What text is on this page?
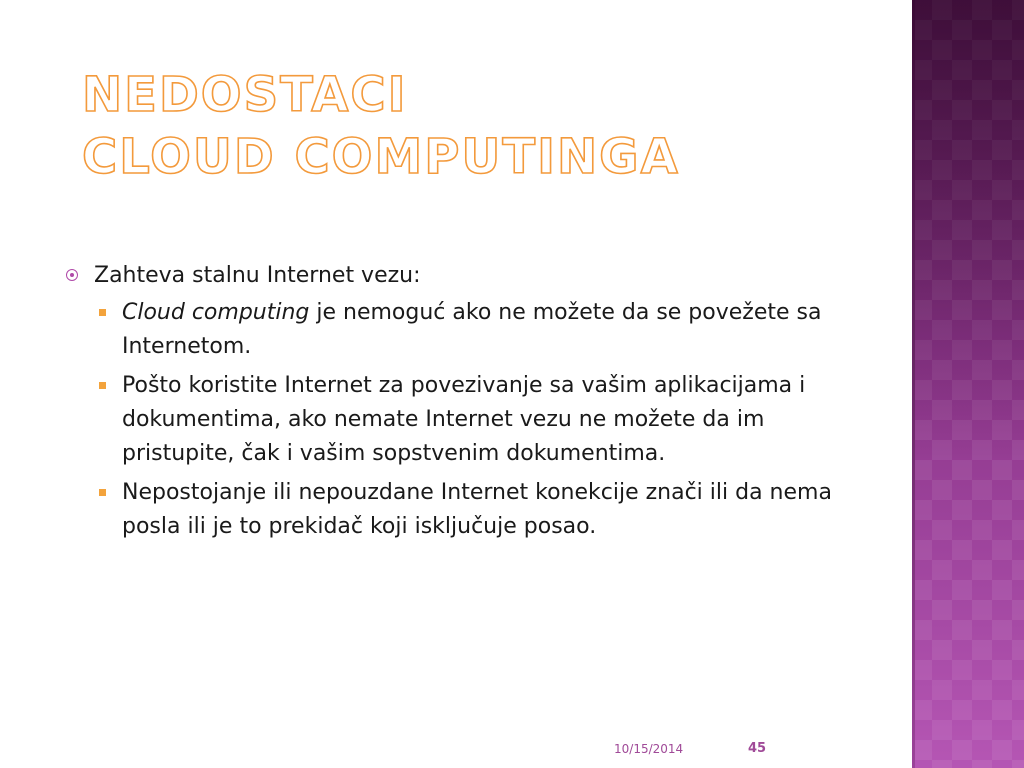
NEDOSTACI
CLOUD COMPUTINGA
Zahteva stalnu Internet vezu:
Cloud computing je nemoguć ako ne možete da se povežete sa Internetom.
Pošto koristite Internet za povezivanje sa vašim aplikacijama i dokumentima, ako nemate Internet vezu ne možete da im pristupite, čak i vašim sopstvenim dokumentima.
Nepostojanje ili nepouzdane Internet konekcije znači ili da nema posla ili je to prekidač koji isključuje posao.
10/15/2014	45
